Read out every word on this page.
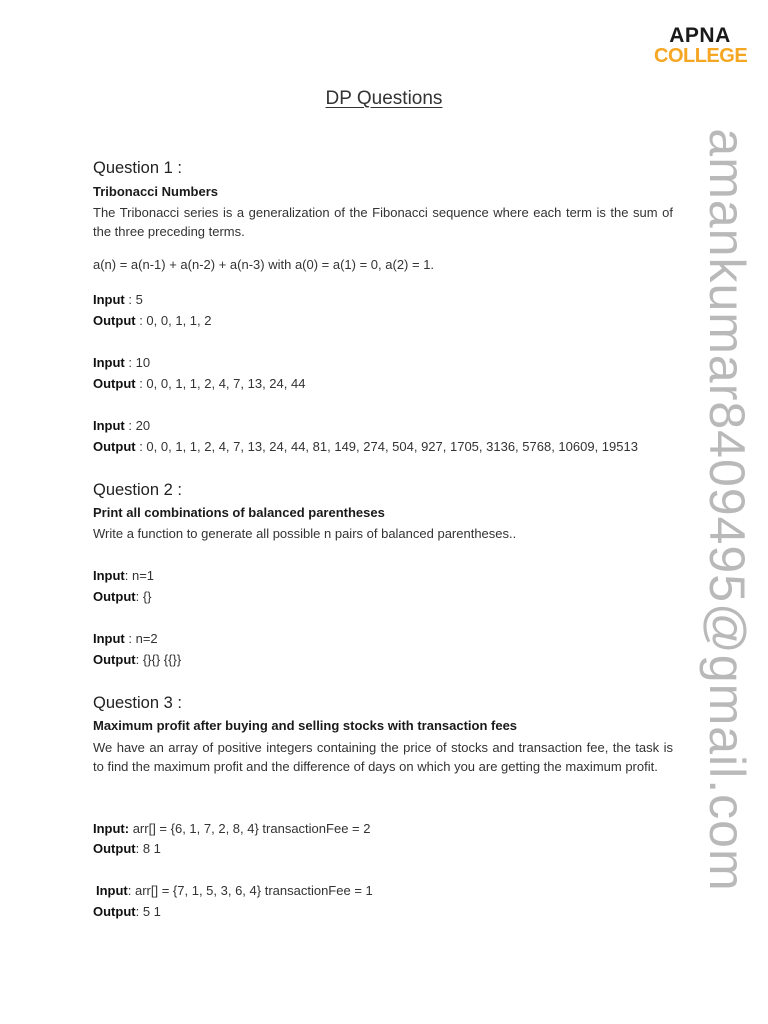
APNA
COLLEGE
DP Questions
amankumar840949​5@gmail.com
Question 1 :
Tribonacci Numbers
The Tribonacci series is a generalization of the Fibonacci sequence where each term is the sum of the three preceding terms.
a(n) = a(n-1) + a(n-2) + a(n-3) with a(0) = a(1) = 0, a(2) = 1.
Input : 5
Output : 0, 0, 1, 1, 2
Input : 10
Output : 0, 0, 1, 1, 2, 4, 7, 13, 24, 44
Input : 20
Output : 0, 0, 1, 1, 2, 4, 7, 13, 24, 44, 81, 149, 274, 504, 927, 1705, 3136, 5768, 10609, 19513
Question 2 :
Print all combinations of balanced parentheses
Write a function to generate all possible n pairs of balanced parentheses..
Input: n=1
Output: {}
Input : n=2
Output: {}{} {{}}
Question 3 :
Maximum profit after buying and selling stocks with transaction fees
We have an array of positive integers containing the price of stocks and transaction fee, the task is to find the maximum profit and the difference of days on which you are getting the maximum profit.
Input: arr[] = {6, 1, 7, 2, 8, 4} transactionFee = 2
Output: 8 1
Input: arr[] = {7, 1, 5, 3, 6, 4} transactionFee = 1
Output: 5 1
